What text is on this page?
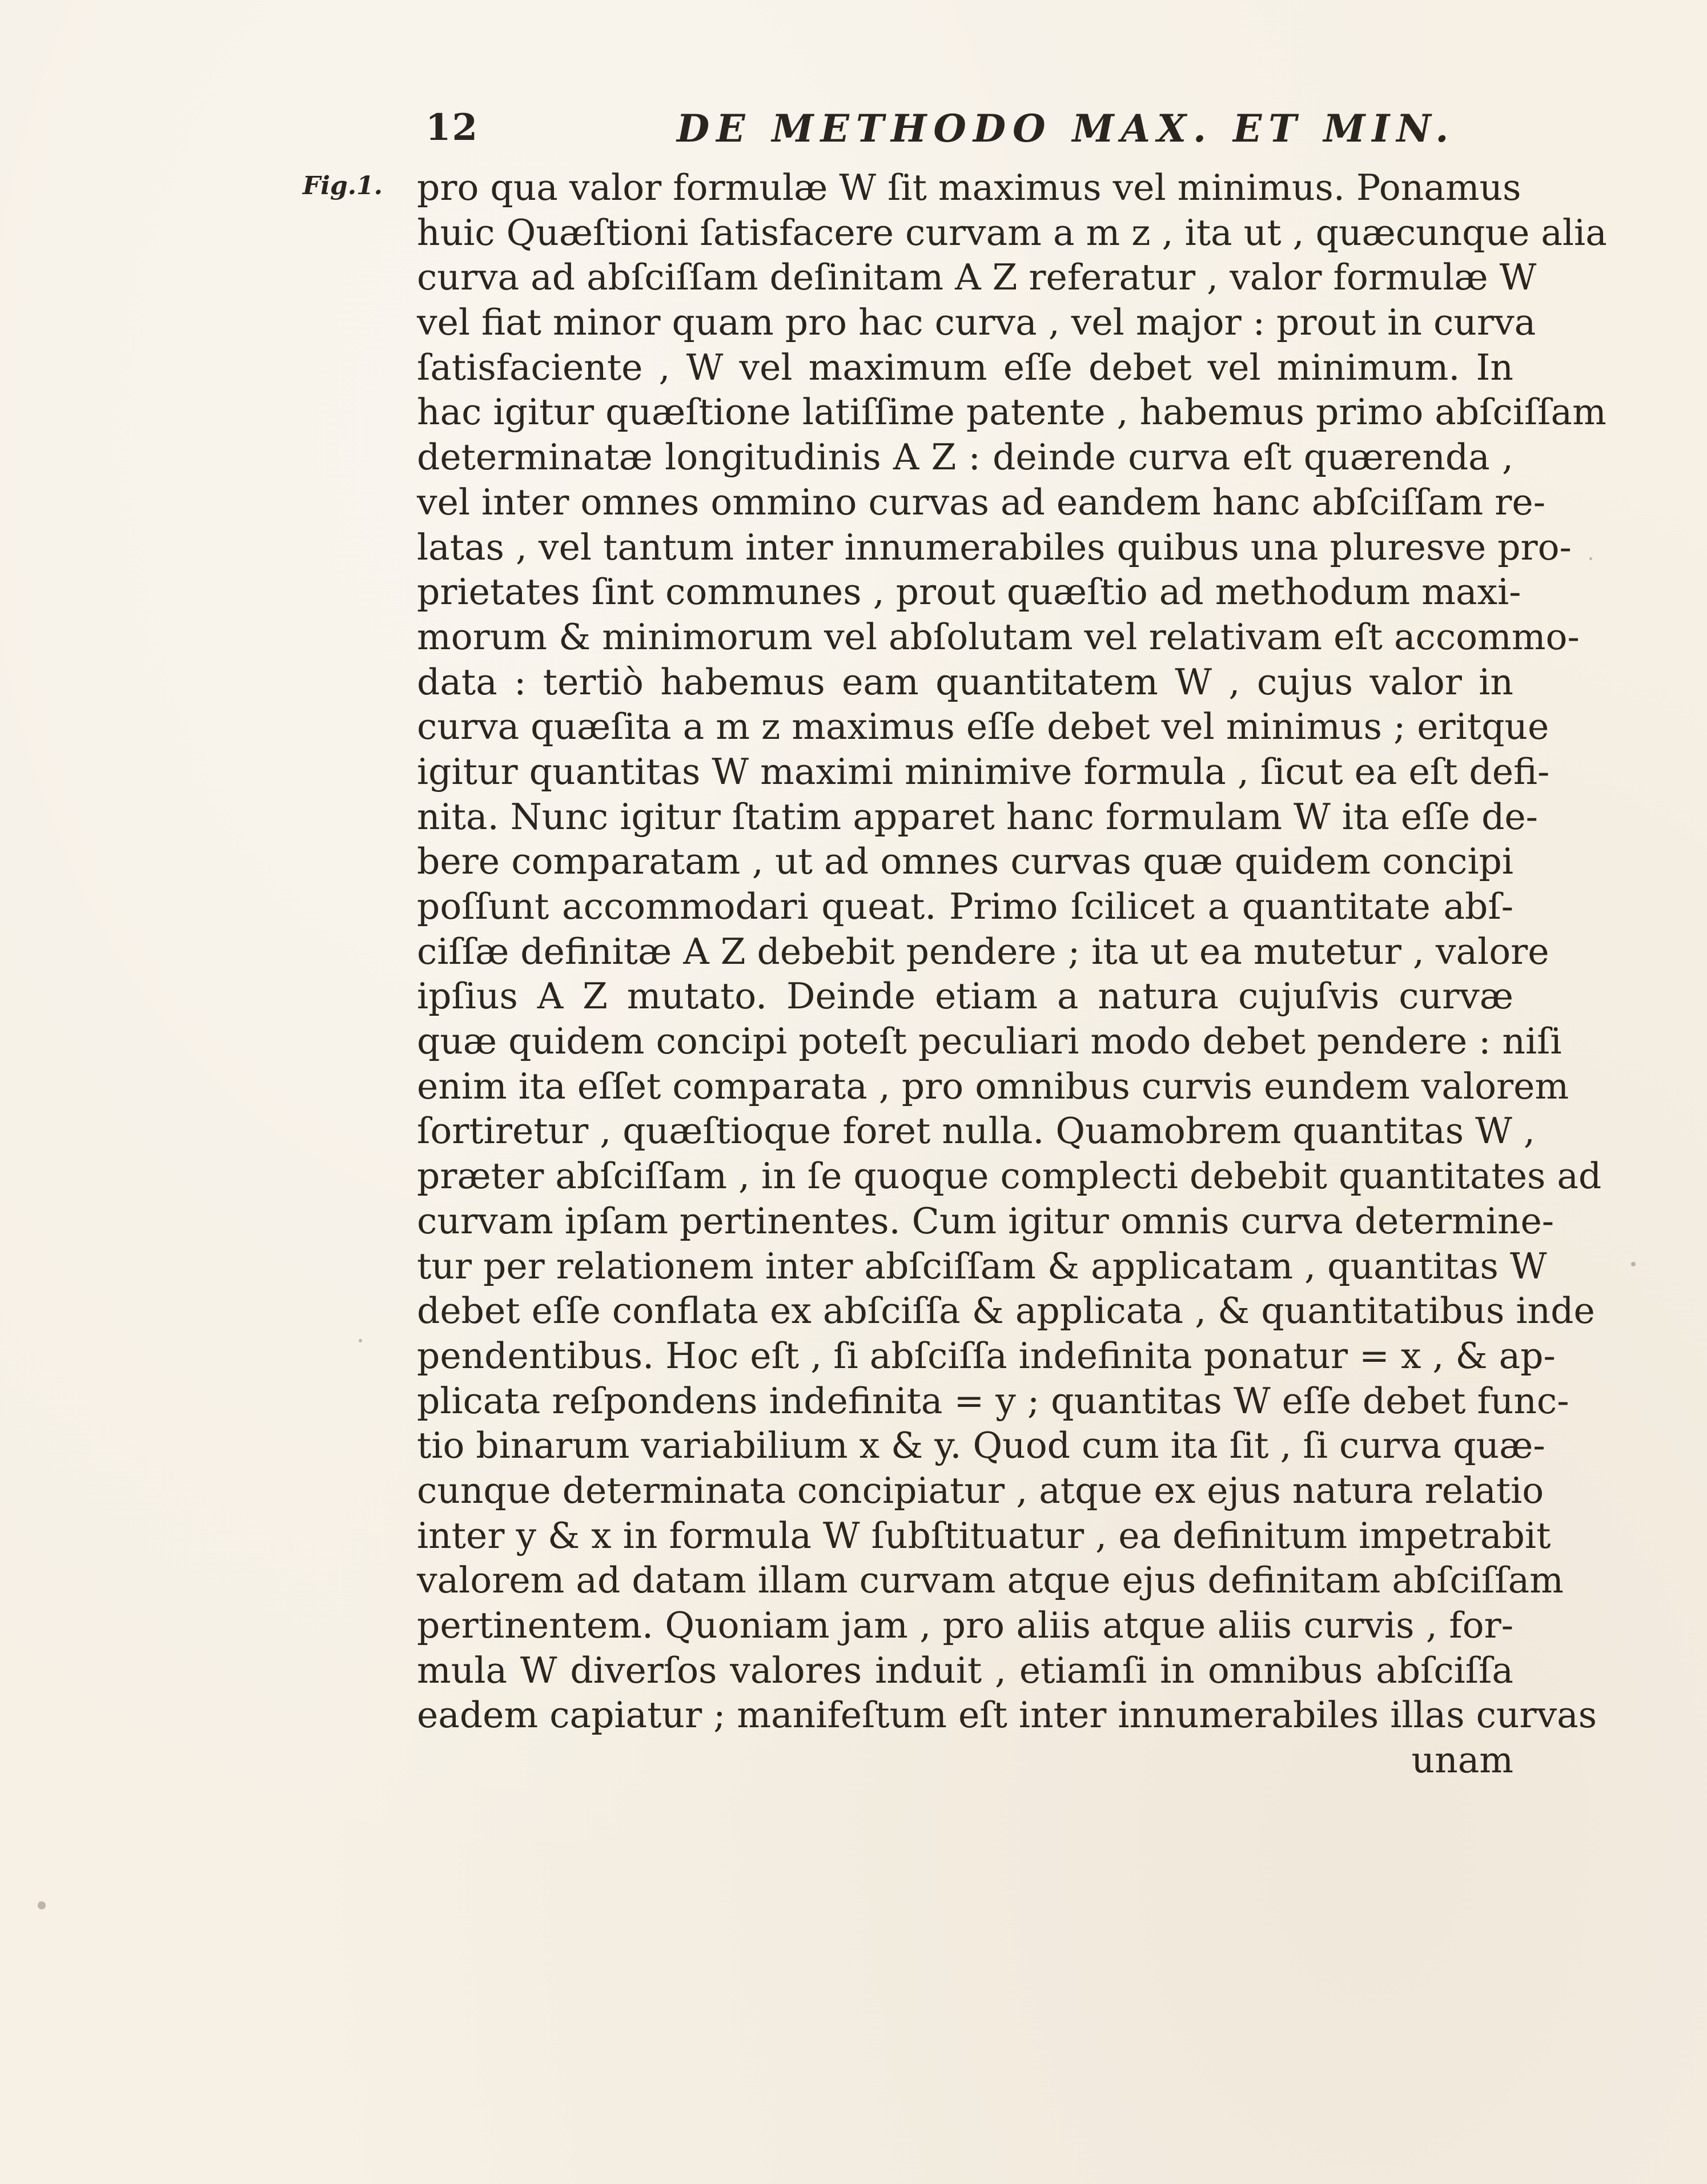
12	DE METHODO MAX. ET MIN.
Fig.1. pro qua valor formulæ W ſit maximus vel minimus. Ponamus
huic Quæſtioni ſatisfacere curvam a m z , ita ut , quæcunque alia
curva ad abſciſſam deſinitam A Z referatur , valor formulæ W
vel fiat minor quam pro hac curva , vel major : prout in curva
ſatisfaciente , W vel maximum eſſe debet vel minimum. In
hac igitur quæſtione latiſſime patente , habemus primo abſciſſam
determinatæ longitudinis A Z : deinde curva eſt quærenda ,
vel inter omnes ommino curvas ad eandem hanc abſciſſam re-
latas , vel tantum inter innumerabiles quibus una pluresve pro-
prietates ſint communes , prout quæſtio ad methodum maxi-
morum & minimorum vel abſolutam vel relativam eſt accommo-
data : tertiò habemus eam quantitatem W , cujus valor in
curva quæſita a m z maximus eſſe debet vel minimus ; eritque
igitur quantitas W maximi minimive formula , ſicut ea eſt defi-
nita. Nunc igitur ſtatim apparet hanc formulam W ita eſſe de-
bere comparatam , ut ad omnes curvas quæ quidem concipi
poſſunt accommodari queat. Primo ſcilicet a quantitate abſ-
ciſſæ definitæ A Z debebit pendere ; ita ut ea mutetur , valore
ipſius A Z mutato. Deinde etiam a natura cujuſvis curvæ
quæ quidem concipi poteſt peculiari modo debet pendere : niſi
enim ita eſſet comparata , pro omnibus curvis eundem valorem
ſortiretur , quæſtioque foret nulla. Quamobrem quantitas W ,
præter abſciſſam , in ſe quoque complecti debebit quantitates ad
curvam ipſam pertinentes. Cum igitur omnis curva determine-
tur per relationem inter abſciſſam & applicatam , quantitas W
debet eſſe conflata ex abſciſſa & applicata , & quantitatibus inde
pendentibus. Hoc eſt , ſi abſciſſa indefinita ponatur = x , & ap-
plicata reſpondens indefinita = y ; quantitas W eſſe debet func-
tio binarum variabilium x & y. Quod cum ita ſit , ſi curva quæ-
cunque determinata concipiatur , atque ex ejus natura relatio
inter y & x in formula W ſubſtituatur , ea definitum impetrabit
valorem ad datam illam curvam atque ejus definitam abſciſſam
pertinentem. Quoniam jam , pro aliis atque aliis curvis , for-
mula W diverſos valores induit , etiamſi in omnibus abſciſſa
eadem capiatur ; manifeſtum eſt inter innumerabiles illas curvas
unam
